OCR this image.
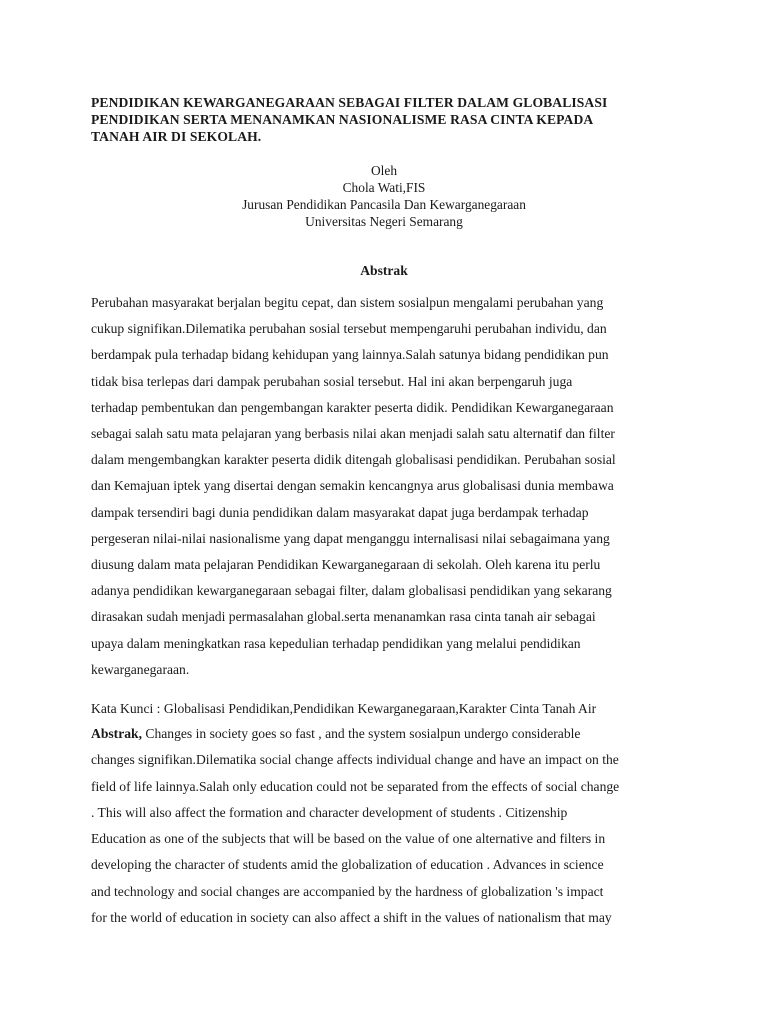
PENDIDIKAN KEWARGANEGARAAN SEBAGAI FILTER DALAM GLOBALISASI
PENDIDIKAN SERTA MENANAMKAN NASIONALISME RASA CINTA KEPADA
TANAH AIR DI SEKOLAH.
Oleh
Chola Wati,FIS
Jurusan Pendidikan Pancasila Dan Kewarganegaraan
Universitas Negeri Semarang
Abstrak
Perubahan masyarakat berjalan begitu cepat, dan sistem sosialpun mengalami perubahan yang
cukup signifikan.Dilematika perubahan sosial tersebut mempengaruhi perubahan individu, dan
berdampak pula terhadap bidang kehidupan yang lainnya.Salah satunya bidang pendidikan pun
tidak bisa terlepas dari dampak perubahan sosial tersebut. Hal ini akan berpengaruh juga
terhadap pembentukan dan pengembangan karakter peserta didik. Pendidikan Kewarganegaraan
sebagai salah satu mata pelajaran yang berbasis nilai akan menjadi salah satu alternatif dan filter
dalam mengembangkan karakter peserta didik ditengah globalisasi pendidikan. Perubahan sosial
dan Kemajuan iptek yang disertai dengan semakin kencangnya arus globalisasi dunia membawa
dampak tersendiri bagi dunia pendidikan dalam masyarakat dapat juga berdampak terhadap
pergeseran nilai-nilai nasionalisme yang dapat menganggu internalisasi nilai sebagaimana yang
diusung dalam mata pelajaran Pendidikan Kewarganegaraan di sekolah. Oleh karena itu perlu
adanya pendidikan kewarganegaraan sebagai filter, dalam globalisasi pendidikan yang sekarang
dirasakan sudah menjadi permasalahan global.serta menanamkan rasa cinta tanah air sebagai
upaya dalam meningkatkan rasa kepedulian terhadap pendidikan yang melalui pendidikan
kewarganegaraan.
Kata Kunci : Globalisasi Pendidikan,Pendidikan Kewarganegaraan,Karakter Cinta Tanah Air
Abstrak, Changes in society goes so fast , and the system sosialpun undergo considerable
changes signifikan.Dilematika social change affects individual change and have an impact on the
field of life lainnya.Salah only education could not be separated from the effects of social change
. This will also affect the formation and character development of students . Citizenship
Education as one of the subjects that will be based on the value of one alternative and filters in
developing the character of students amid the globalization of education . Advances in science
and technology and social changes are accompanied by the hardness of globalization 's impact
for the world of education in society can also affect a shift in the values of nationalism that may
